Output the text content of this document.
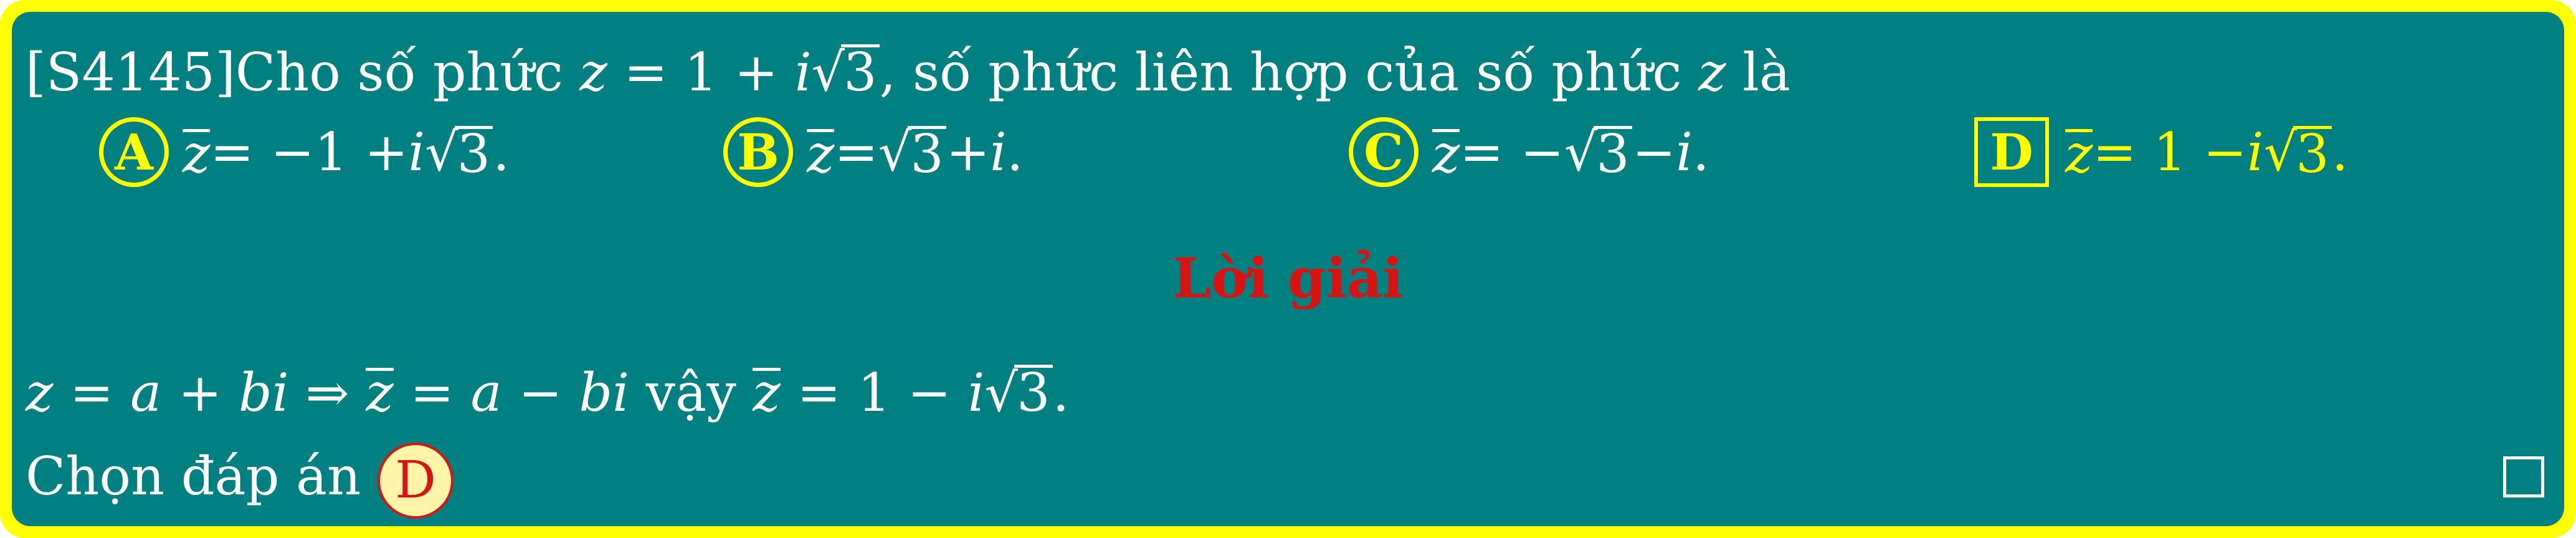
[S4145]Cho số phức z = 1 + i√3, số phức liên hợp của số phức z là
A z = −1 + i √
3 .	B z = √
3 + i .	C z = − √
3 − i .	D z = 1 − i √
3 .
Lời giải
z = a + bi ⇒ z = a − bi vậy z = 1 − i√3.
Chọn đáp án D
